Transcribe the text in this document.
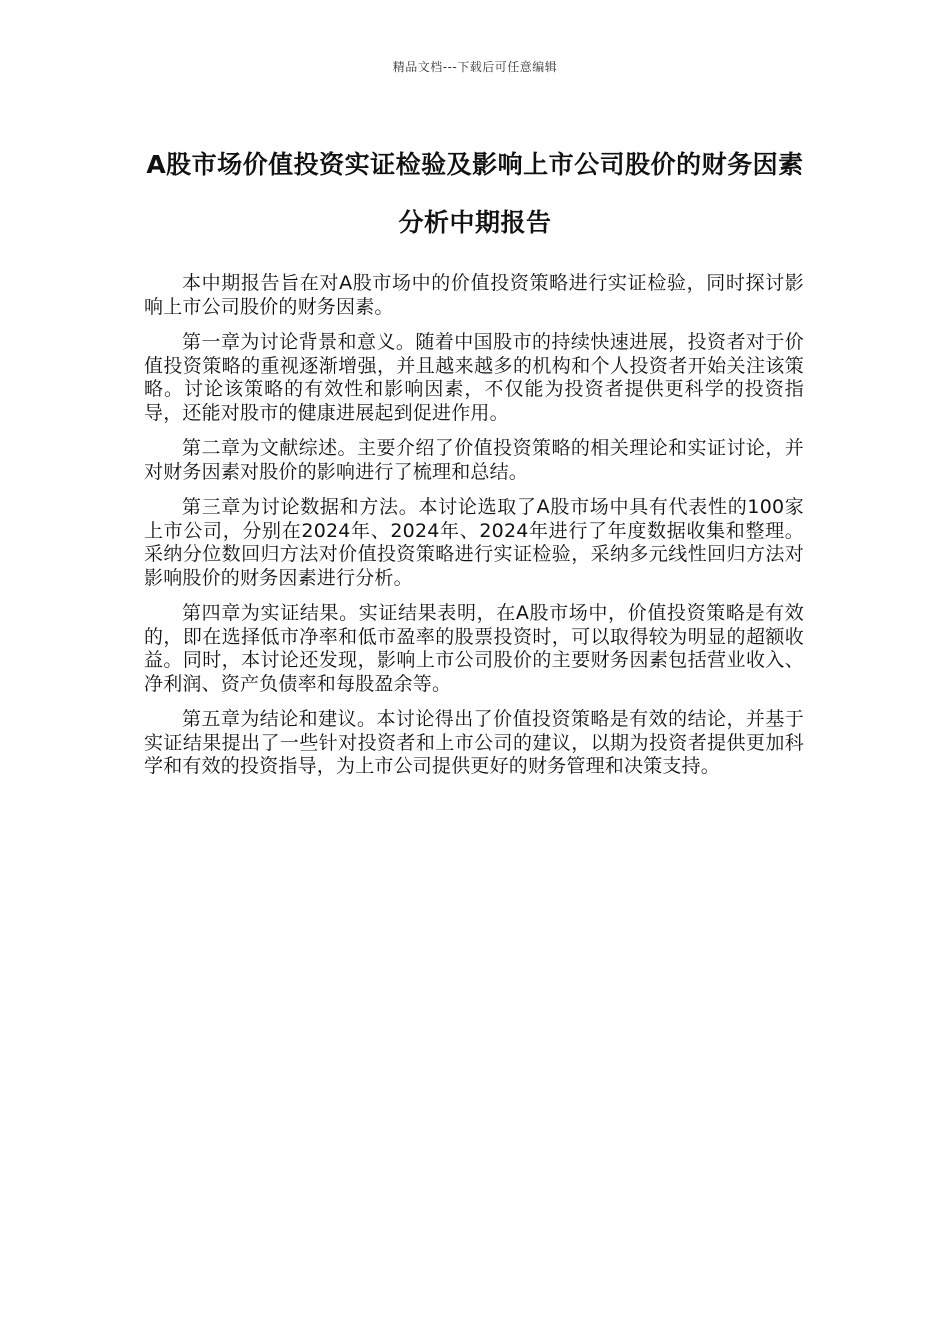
精品文档---下载后可任意编辑
A股市场价值投资实证检验及影响上市公司股价的财务因素分析中期报告

本中期报告旨在对A股市场中的价值投资策略进行实证检验，同时探讨影响上市公司股价的财务因素。

第一章为讨论背景和意义。随着中国股市的持续快速进展，投资者对于价值投资策略的重视逐渐增强，并且越来越多的机构和个人投资者开始关注该策略。讨论该策略的有效性和影响因素，不仅能为投资者提供更科学的投资指导，还能对股市的健康进展起到促进作用。

第二章为文献综述。主要介绍了价值投资策略的相关理论和实证讨论，并对财务因素对股价的影响进行了梳理和总结。

第三章为讨论数据和方法。本讨论选取了A股市场中具有代表性的100家上市公司，分别在2024年、2024年、2024年进行了年度数据收集和整理。采纳分位数回归方法对价值投资策略进行实证检验，采纳多元线性回归方法对影响股价的财务因素进行分析。

第四章为实证结果。实证结果表明，在A股市场中，价值投资策略是有效的，即在选择低市净率和低市盈率的股票投资时，可以取得较为明显的超额收益。同时，本讨论还发现，影响上市公司股价的主要财务因素包括营业收入、净利润、资产负债率和每股盈余等。

第五章为结论和建议。本讨论得出了价值投资策略是有效的结论，并基于实证结果提出了一些针对投资者和上市公司的建议，以期为投资者提供更加科学和有效的投资指导，为上市公司提供更好的财务管理和决策支持。
